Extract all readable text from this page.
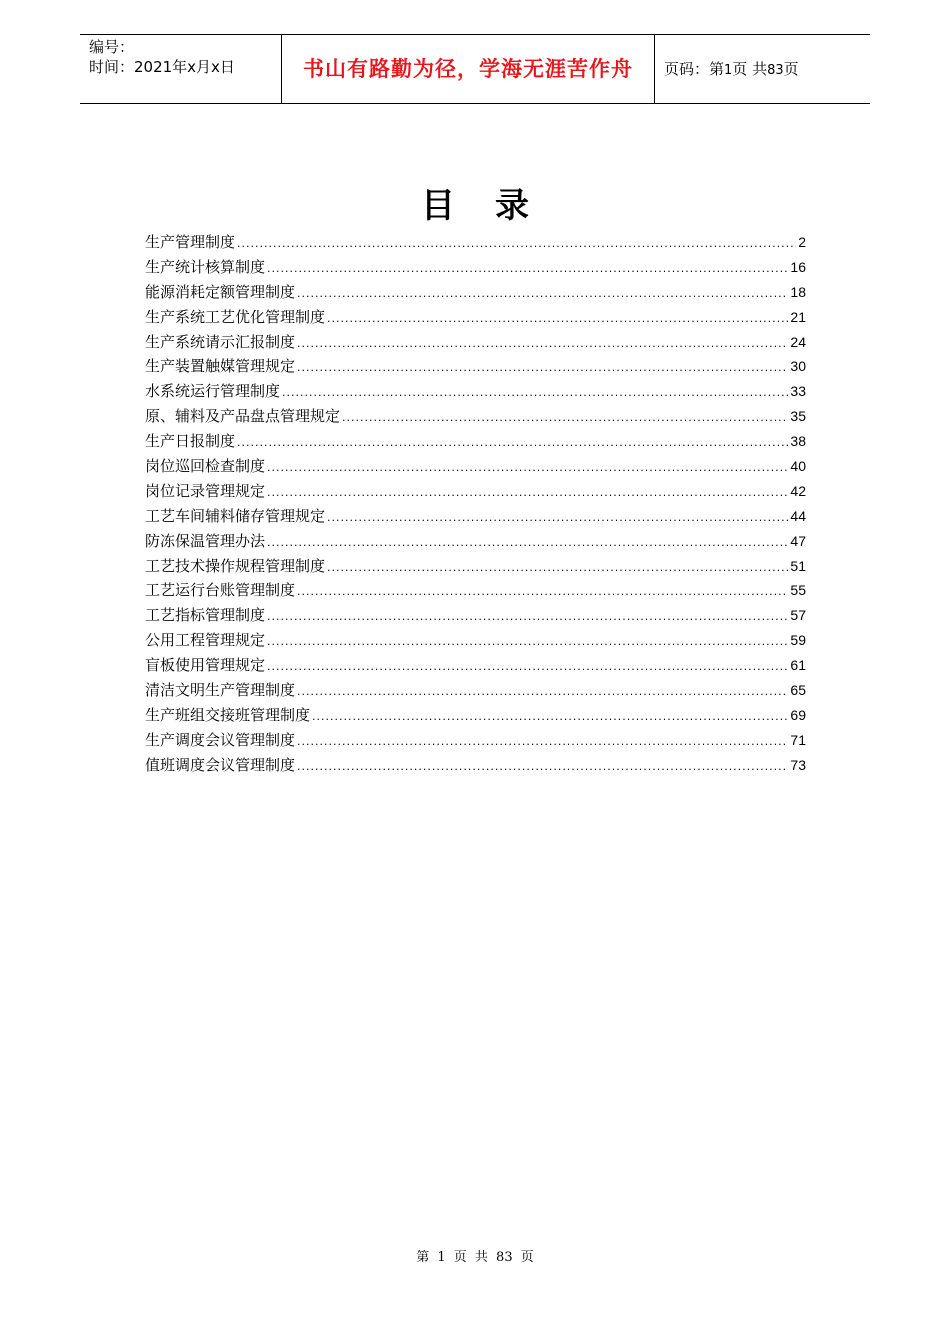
编号：
时间：2021年x月x日	书山有路勤为径，学海无涯苦作舟	页码：第1页 共83页
目录
生产管理制度 .....	2
生产统计核算制度 .....	16
能源消耗定额管理制度 .....	18
生产系统工艺优化管理制度 .....	21
生产系统请示汇报制度 .....	24
生产装置触媒管理规定 .....	30
水系统运行管理制度 .....	33
原、辅料及产品盘点管理规定 .....	35
生产日报制度 .....	38
岗位巡回检查制度 .....	40
岗位记录管理规定 .....	42
工艺车间辅料储存管理规定 .....	44
防冻保温管理办法 .....	47
工艺技术操作规程管理制度 .....	51
工艺运行台账管理制度 .....	55
工艺指标管理制度 .....	57
公用工程管理规定 .....	59
盲板使用管理规定 .....	61
清洁文明生产管理制度 .....	65
生产班组交接班管理制度 .....	69
生产调度会议管理制度 .....	71
值班调度会议管理制度 .....	73
第 1 页 共 83 页
